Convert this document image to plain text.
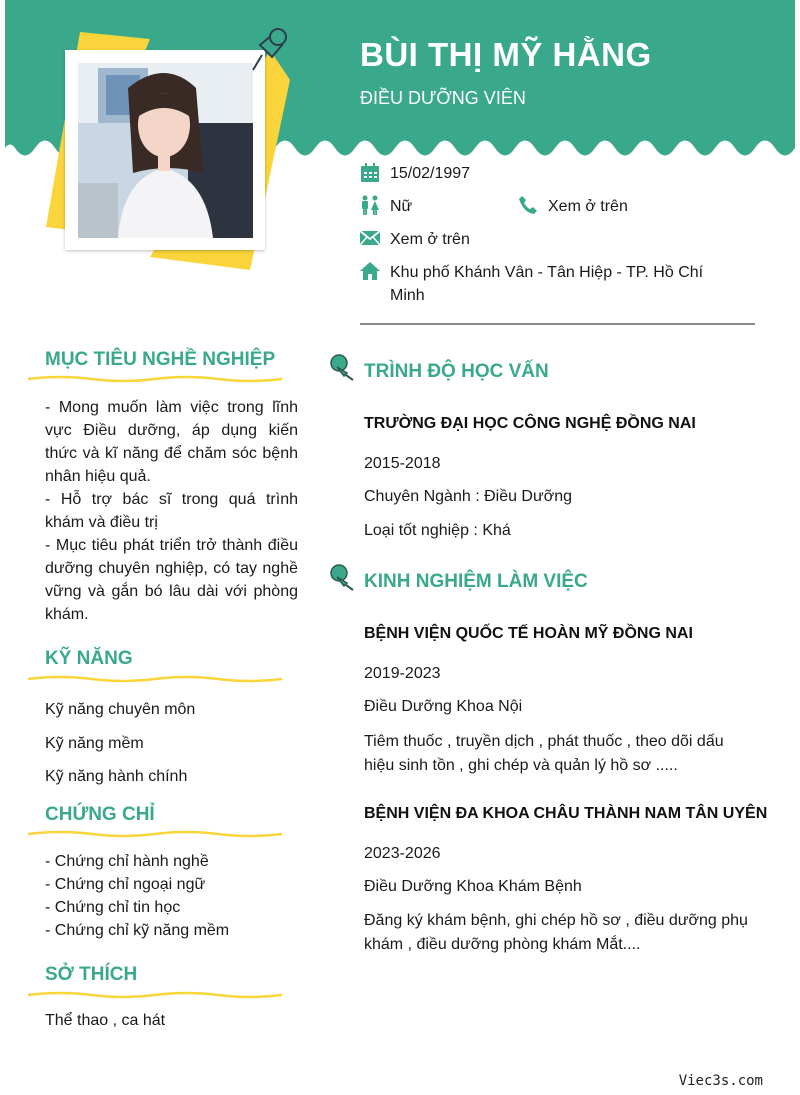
BÙI THỊ MỸ HẰNG
ĐIỀU DƯỠNG VIÊN
15/02/1997
Nữ	Xem ở trên
Xem ở trên
Khu phố Khánh Vân - Tân Hiệp - TP. Hồ Chí Minh
MỤC TIÊU NGHỀ NGHIỆP
- Mong muốn làm việc trong lĩnh vực Điều dưỡng, áp dụng kiến thức và kĩ năng để chăm sóc bệnh nhân hiệu quả.
- Hỗ trợ bác sĩ trong quá trình khám và điều trị
- Mục tiêu phát triển trở thành điều dưỡng chuyên nghiệp, có tay nghề vững và gắn bó lâu dài với phòng khám.
KỸ NĂNG
Kỹ năng chuyên môn
Kỹ năng mềm
Kỹ năng hành chính
CHỨNG CHỈ
- Chứng chỉ hành nghề
- Chứng chỉ ngoại ngữ
- Chứng chỉ tin học
- Chứng chỉ kỹ năng mềm
SỞ THÍCH
Thể thao , ca hát
TRÌNH ĐỘ HỌC VẤN
TRƯỜNG ĐẠI HỌC CÔNG NGHỆ ĐỒNG NAI
2015-2018
Chuyên Ngành : Điều Dưỡng
Loại tốt nghiệp : Khá
KINH NGHIỆM LÀM VIỆC
BỆNH VIỆN QUỐC TẾ HOÀN MỸ ĐỒNG NAI
2019-2023
Điều Dưỡng Khoa Nội
Tiêm thuốc , truyền dịch , phát thuốc , theo dõi dấu hiệu sinh tồn , ghi chép và quản lý hồ sơ .....
BỆNH VIỆN ĐA KHOA CHÂU THÀNH NAM TÂN UYÊN
2023-2026
Điều Dưỡng Khoa Khám Bệnh
Đăng ký khám bệnh, ghi chép hồ sơ , điều dưỡng phụ khám , điều dưỡng phòng khám Mắt....
Viec3s.com
